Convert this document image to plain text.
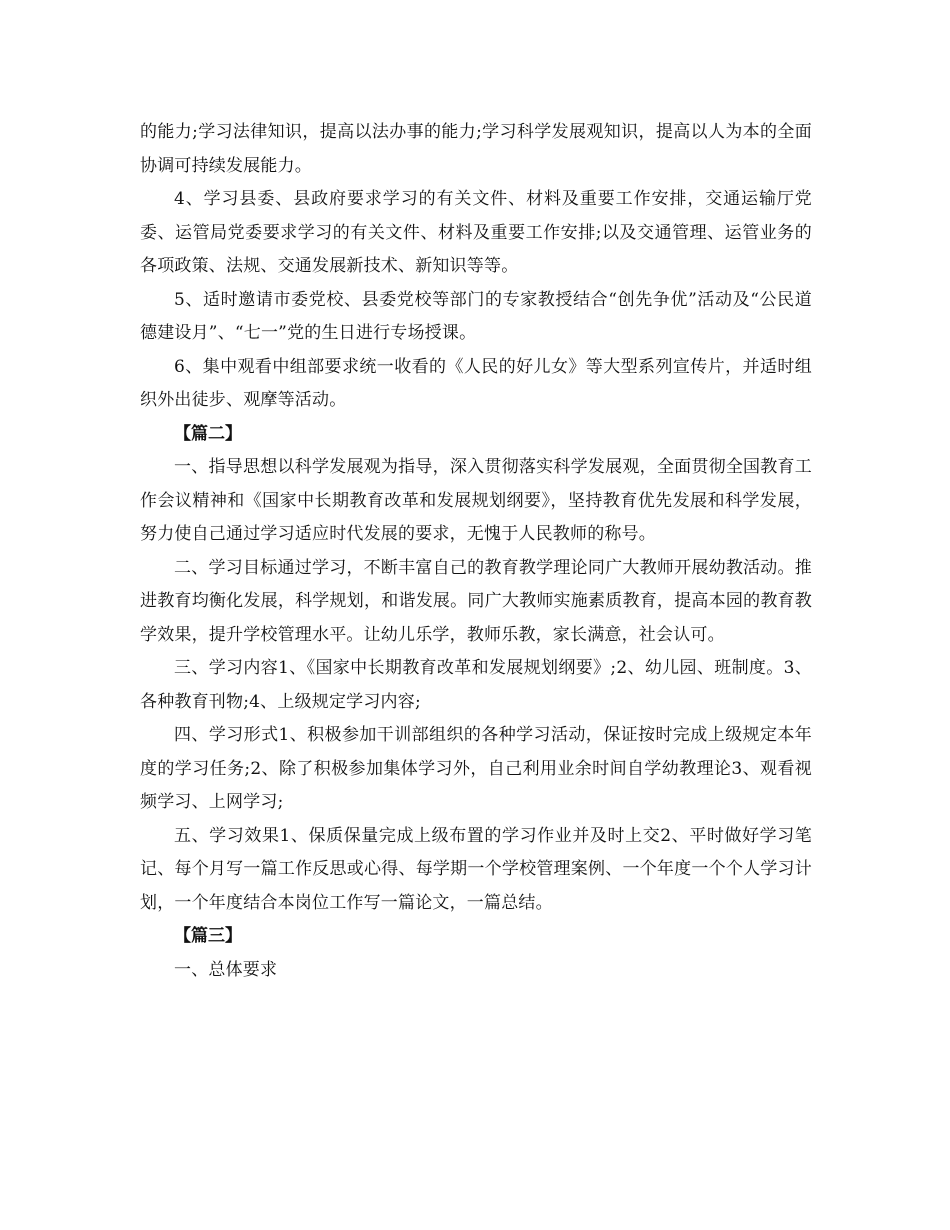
的能力;学习法律知识，提高以法办事的能力;学习科学发展观知识，提高以人为本的全面协调可持续发展能力。

4、学习县委、县政府要求学习的有关文件、材料及重要工作安排，交通运输厅党委、运管局党委要求学习的有关文件、材料及重要工作安排;以及交通管理、运管业务的各项政策、法规、交通发展新技术、新知识等等。

5、适时邀请市委党校、县委党校等部门的专家教授结合“创先争优”活动及“公民道德建设月”、“七一”党的生日进行专场授课。

6、集中观看中组部要求统一收看的《人民的好儿女》等大型系列宣传片，并适时组织外出徒步、观摩等活动。

【篇二】

一、指导思想以科学发展观为指导，深入贯彻落实科学发展观，全面贯彻全国教育工作会议精神和《国家中长期教育改革和发展规划纲要》，坚持教育优先发展和科学发展，努力使自己通过学习适应时代发展的要求，无愧于人民教师的称号。

二、学习目标通过学习，不断丰富自己的教育教学理论同广大教师开展幼教活动。推进教育均衡化发展，科学规划，和谐发展。同广大教师实施素质教育，提高本园的教育教学效果，提升学校管理水平。让幼儿乐学，教师乐教，家长满意，社会认可。

三、学习内容1、《国家中长期教育改革和发展规划纲要》;2、幼儿园、班制度。3、各种教育刊物;4、上级规定学习内容;

四、学习形式1、积极参加干训部组织的各种学习活动，保证按时完成上级规定本年度的学习任务;2、除了积极参加集体学习外，自己利用业余时间自学幼教理论3、观看视频学习、上网学习;

五、学习效果1、保质保量完成上级布置的学习作业并及时上交2、平时做好学习笔记、每个月写一篇工作反思或心得、每学期一个学校管理案例、一个年度一个个人学习计划，一个年度结合本岗位工作写一篇论文，一篇总结。

【篇三】

一、总体要求
